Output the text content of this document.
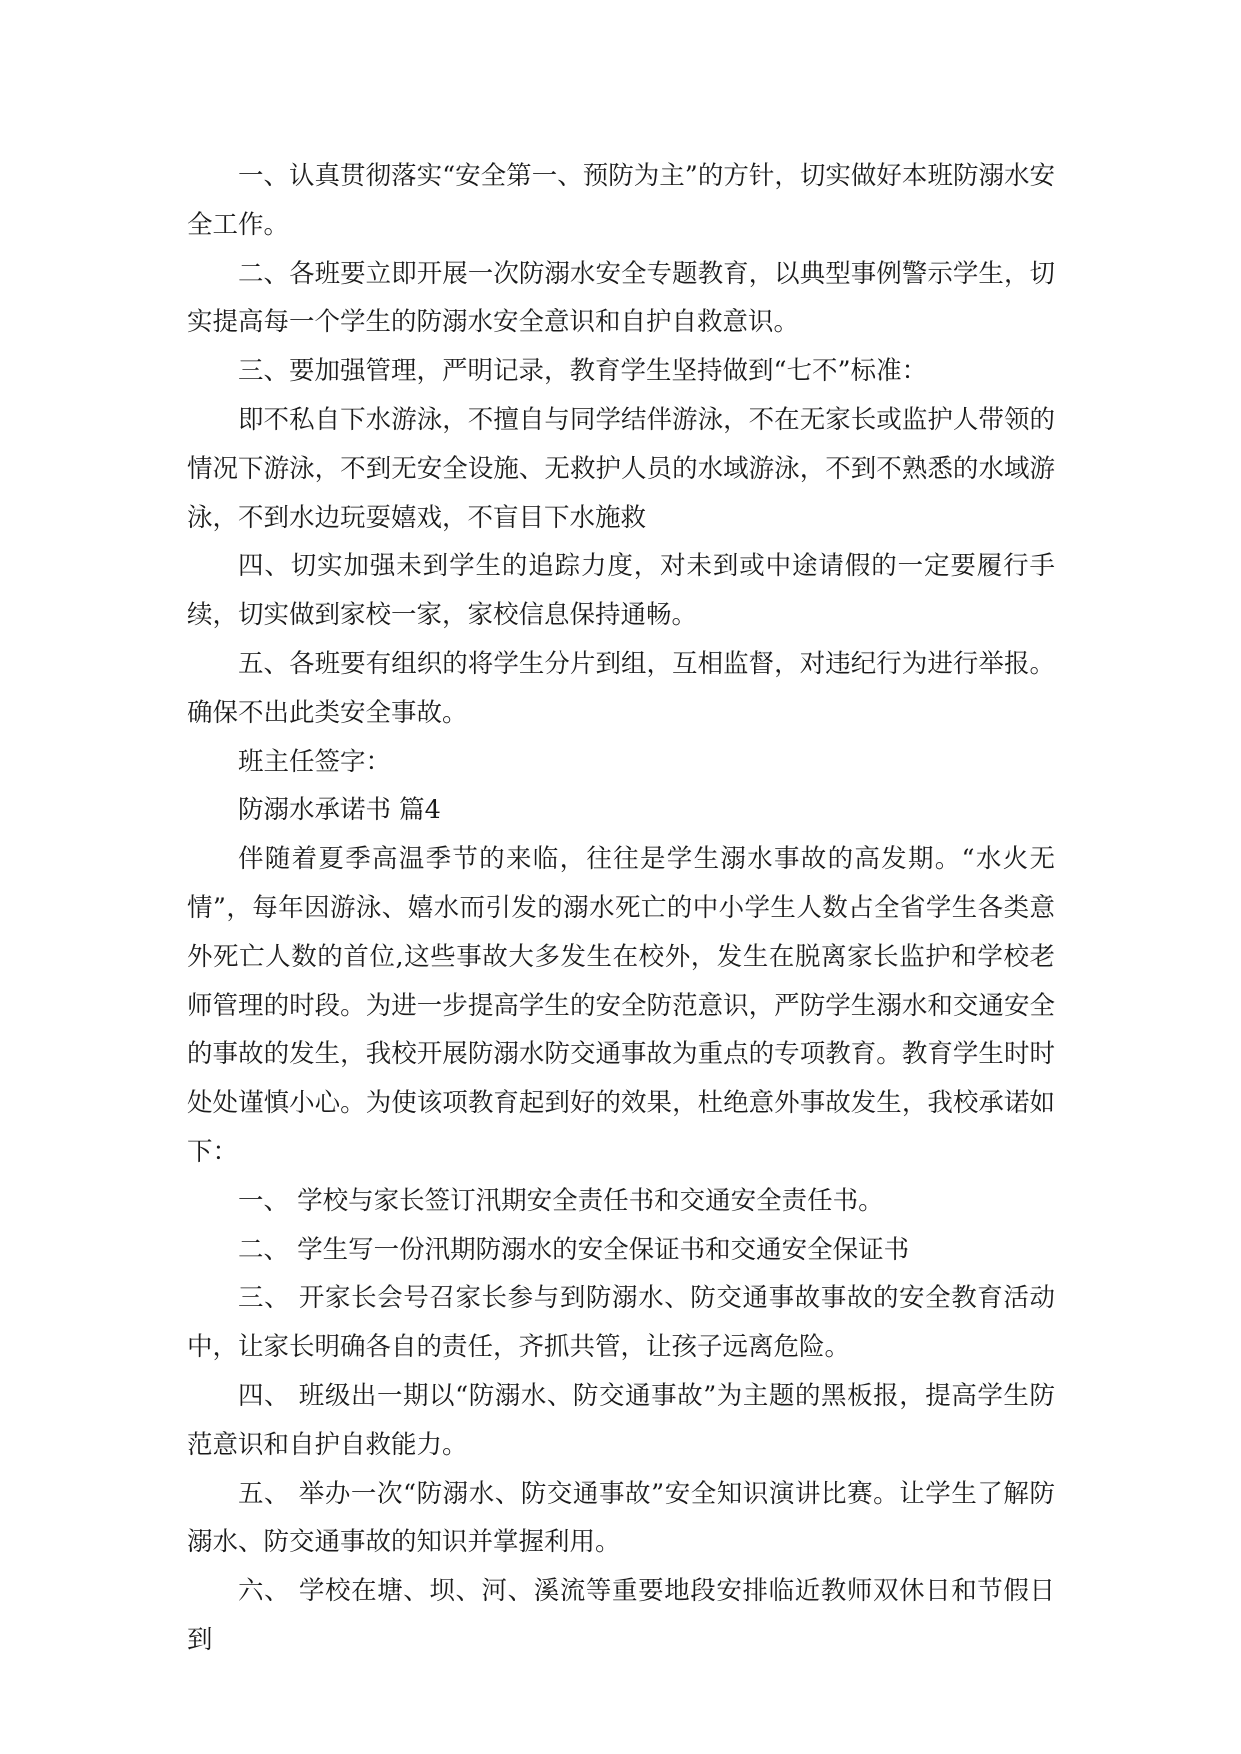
一、认真贯彻落实“安全第一、预防为主”的方针，切实做好本班防溺水安全工作。

二、各班要立即开展一次防溺水安全专题教育，以典型事例警示学生，切实提高每一个学生的防溺水安全意识和自护自救意识。

三、要加强管理，严明记录，教育学生坚持做到“七不”标准：

即不私自下水游泳，不擅自与同学结伴游泳，不在无家长或监护人带领的情况下游泳，不到无安全设施、无救护人员的水域游泳，不到不熟悉的水域游泳，不到水边玩耍嬉戏，不盲目下水施救

四、切实加强未到学生的追踪力度，对未到或中途请假的一定要履行手续，切实做到家校一家，家校信息保持通畅。

五、各班要有组织的将学生分片到组，互相监督，对违纪行为进行举报。确保不出此类安全事故。

班主任签字：

防溺水承诺书 篇4

伴随着夏季高温季节的来临，往往是学生溺水事故的高发期。“水火无情”，每年因游泳、嬉水而引发的溺水死亡的中小学生人数占全省学生各类意外死亡人数的首位,这些事故大多发生在校外，发生在脱离家长监护和学校老师管理的时段。为进一步提高学生的安全防范意识，严防学生溺水和交通安全的事故的发生，我校开展防溺水防交通事故为重点的专项教育。教育学生时时处处谨慎小心。为使该项教育起到好的效果，杜绝意外事故发生，我校承诺如下：

一、 学校与家长签订汛期安全责任书和交通安全责任书。

二、 学生写一份汛期防溺水的安全保证书和交通安全保证书

三、 开家长会号召家长参与到防溺水、防交通事故事故的安全教育活动中，让家长明确各自的责任，齐抓共管，让孩子远离危险。

四、 班级出一期以“防溺水、防交通事故”为主题的黑板报，提高学生防范意识和自护自救能力。

五、 举办一次“防溺水、防交通事故”安全知识演讲比赛。让学生了解防溺水、防交通事故的知识并掌握利用。

六、 学校在塘、坝、河、溪流等重要地段安排临近教师双休日和节假日到
